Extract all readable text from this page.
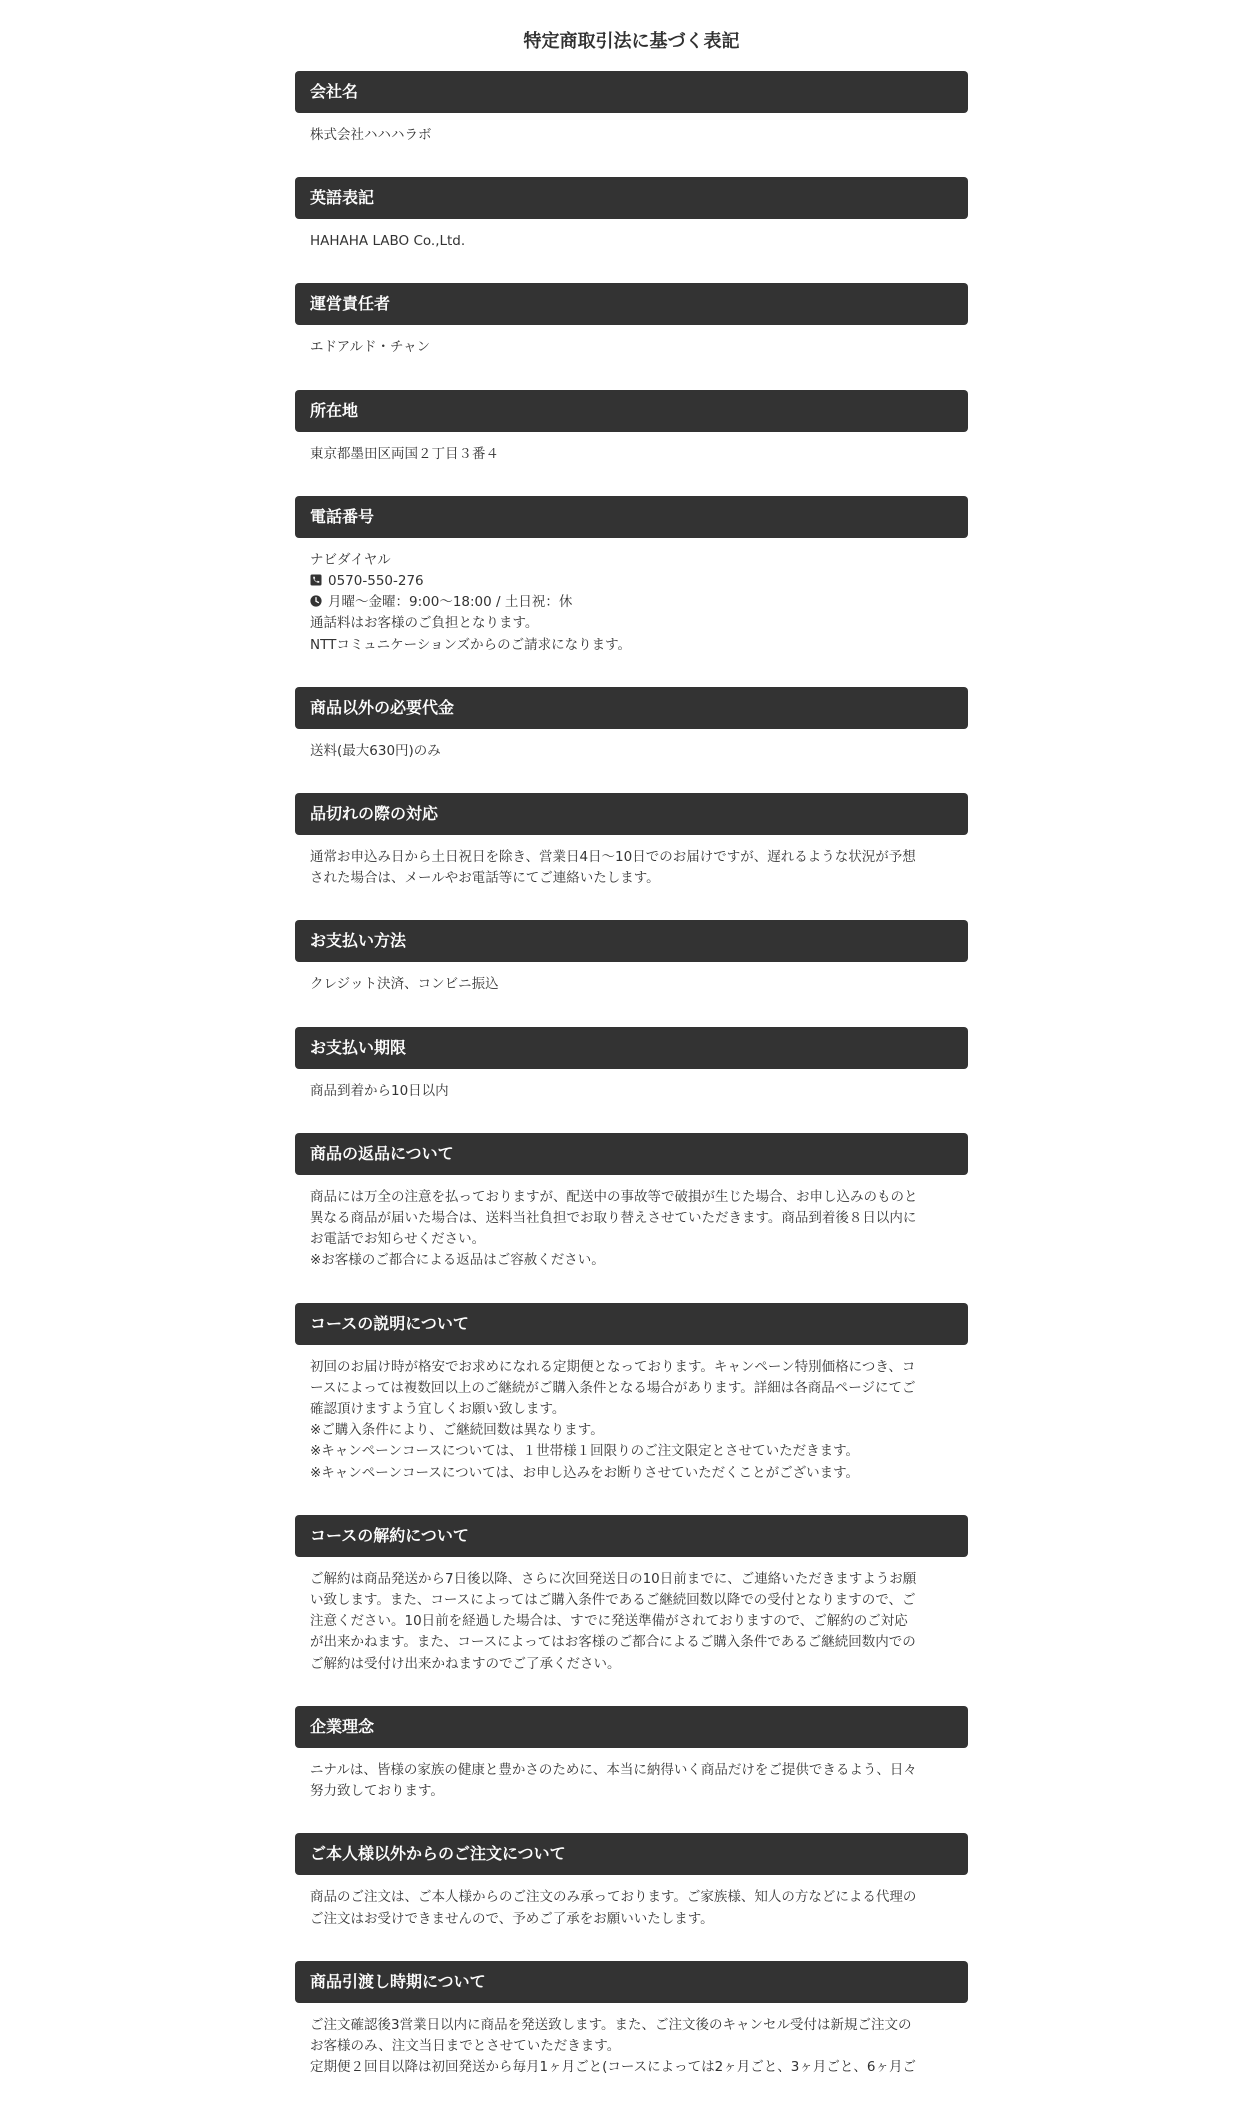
特定商取引法に基づく表記
会社名
株式会社ハハハラボ
英語表記
HAHAHA LABO Co.,Ltd.
運営責任者
エドアルド・チャン
所在地
東京都墨田区両国２丁目３番４
電話番号
ナビダイヤル
0570-550-276
月曜〜金曜：9:00〜18:00 / 土日祝：休
通話料はお客様のご負担となります。
NTTコミュニケーションズからのご請求になります。
商品以外の必要代金
送料(最大630円)のみ
品切れの際の対応
通常お申込み日から土日祝日を除き、営業日4日～10日でのお届けですが、遅れるような状況が予想
された場合は、メールやお電話等にてご連絡いたします。
お支払い方法
クレジット決済、コンビニ振込
お支払い期限
商品到着から10日以内
商品の返品について
商品には万全の注意を払っておりますが、配送中の事故等で破損が生じた場合、お申し込みのものと
異なる商品が届いた場合は、送料当社負担でお取り替えさせていただきます。商品到着後８日以内に
お電話でお知らせください。
※お客様のご都合による返品はご容赦ください。
コースの説明について
初回のお届け時が格安でお求めになれる定期便となっております。キャンペーン特別価格につき、コ
ースによっては複数回以上のご継続がご購入条件となる場合があります。詳細は各商品ページにてご
確認頂けますよう宜しくお願い致します。
※ご購入条件により、ご継続回数は異なります。
※キャンペーンコースについては、１世帯様１回限りのご注文限定とさせていただきます。
※キャンペーンコースについては、お申し込みをお断りさせていただくことがございます。
コースの解約について
ご解約は商品発送から7日後以降、さらに次回発送日の10日前までに、ご連絡いただきますようお願
い致します。また、コースによってはご購入条件であるご継続回数以降での受付となりますので、ご
注意ください。10日前を経過した場合は、すでに発送準備がされておりますので、ご解約のご対応
が出来かねます。また、コースによってはお客様のご都合によるご購入条件であるご継続回数内での
ご解約は受付け出来かねますのでご了承ください。
企業理念
ニナルは、皆様の家族の健康と豊かさのために、本当に納得いく商品だけをご提供できるよう、日々
努力致しております。
ご本人様以外からのご注文について
商品のご注文は、ご本人様からのご注文のみ承っております。ご家族様、知人の方などによる代理の
ご注文はお受けできませんので、予めご了承をお願いいたします。
商品引渡し時期について
ご注文確認後3営業日以内に商品を発送致します。また、ご注文後のキャンセル受付は新規ご注文の
お客様のみ、注文当日までとさせていただきます。
定期便２回目以降は初回発送から毎月1ヶ月ごと(コースによっては2ヶ月ごと、3ヶ月ごと、6ヶ月ご
